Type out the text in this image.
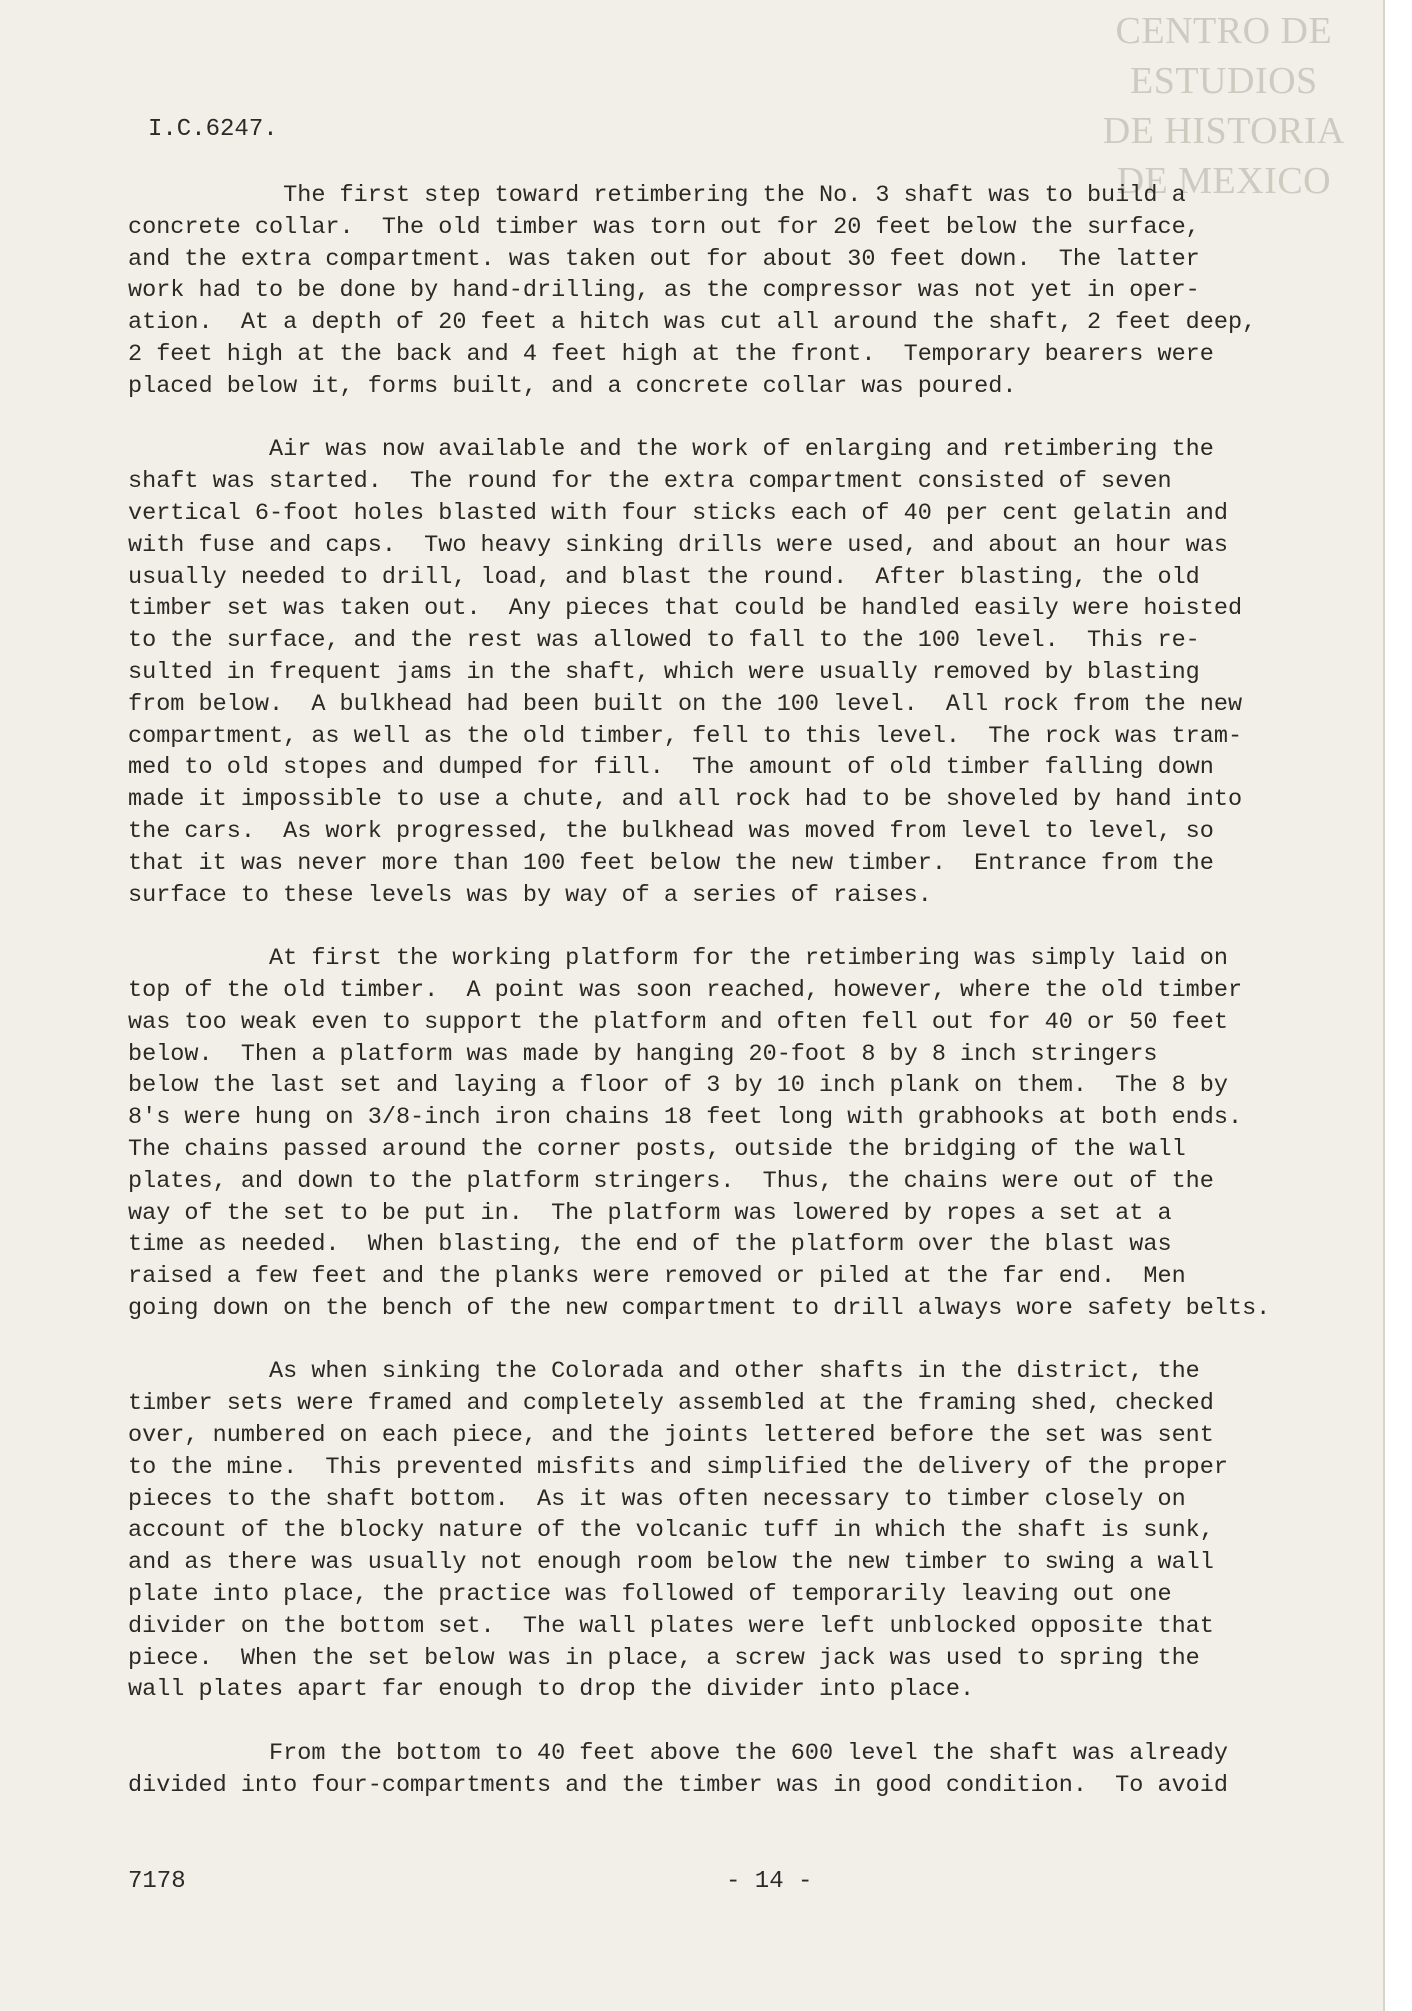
CENTRO DE
ESTUDIOS
DE HISTORIA
DE MEXICO
I.C.6247.
The first step toward retimbering the No. 3 shaft was to build a
concrete collar.  The old timber was torn out for 20 feet below the surface,
and the extra compartment. was taken out for about 30 feet down.  The latter
work had to be done by hand-drilling, as the compressor was not yet in oper-
ation.  At a depth of 20 feet a hitch was cut all around the shaft, 2 feet deep,
2 feet high at the back and 4 feet high at the front.  Temporary bearers were
placed below it, forms built, and a concrete collar was poured.
Air was now available and the work of enlarging and retimbering the
shaft was started.  The round for the extra compartment consisted of seven
vertical 6-foot holes blasted with four sticks each of 40 per cent gelatin and
with fuse and caps.  Two heavy sinking drills were used, and about an hour was
usually needed to drill, load, and blast the round.  After blasting, the old
timber set was taken out.  Any pieces that could be handled easily were hoisted
to the surface, and the rest was allowed to fall to the 100 level.  This re-
sulted in frequent jams in the shaft, which were usually removed by blasting
from below.  A bulkhead had been built on the 100 level.  All rock from the new
compartment, as well as the old timber, fell to this level.  The rock was tram-
med to old stopes and dumped for fill.  The amount of old timber falling down
made it impossible to use a chute, and all rock had to be shoveled by hand into
the cars.  As work progressed, the bulkhead was moved from level to level, so
that it was never more than 100 feet below the new timber.  Entrance from the
surface to these levels was by way of a series of raises.
At first the working platform for the retimbering was simply laid on
top of the old timber.  A point was soon reached, however, where the old timber
was too weak even to support the platform and often fell out for 40 or 50 feet
below.  Then a platform was made by hanging 20-foot 8 by 8 inch stringers
below the last set and laying a floor of 3 by 10 inch plank on them.  The 8 by
8's were hung on 3/8-inch iron chains 18 feet long with grabhooks at both ends.
The chains passed around the corner posts, outside the bridging of the wall
plates, and down to the platform stringers.  Thus, the chains were out of the
way of the set to be put in.  The platform was lowered by ropes a set at a
time as needed.  When blasting, the end of the platform over the blast was
raised a few feet and the planks were removed or piled at the far end.  Men
going down on the bench of the new compartment to drill always wore safety belts.
As when sinking the Colorada and other shafts in the district, the
timber sets were framed and completely assembled at the framing shed, checked
over, numbered on each piece, and the joints lettered before the set was sent
to the mine.  This prevented misfits and simplified the delivery of the proper
pieces to the shaft bottom.  As it was often necessary to timber closely on
account of the blocky nature of the volcanic tuff in which the shaft is sunk,
and as there was usually not enough room below the new timber to swing a wall
plate into place, the practice was followed of temporarily leaving out one
divider on the bottom set.  The wall plates were left unblocked opposite that
piece.  When the set below was in place, a screw jack was used to spring the
wall plates apart far enough to drop the divider into place.
From the bottom to 40 feet above the 600 level the shaft was already
divided into four-compartments and the timber was in good condition.  To avoid
7178	- 14 -
